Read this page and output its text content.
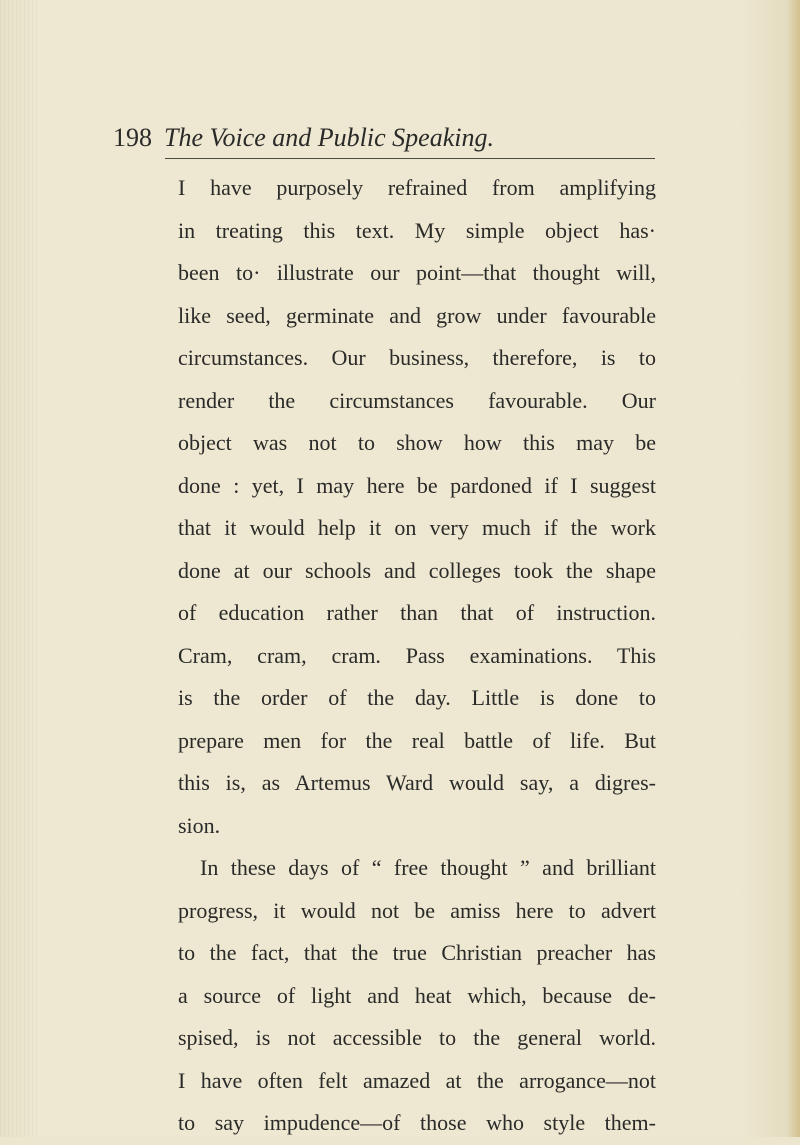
198 The Voice and Public Speaking.
I have purposely refrained from amplifying
in treating this text. My simple object has·
been to· illustrate our point—that thought will,
like seed, germinate and grow under favourable
circumstances. Our business, therefore, is to
render the circumstances favourable. Our
object was not to show how this may be
done : yet, I may here be pardoned if I suggest
that it would help it on very much if the work
done at our schools and colleges took the shape
of education rather than that of instruction.
Cram, cram, cram. Pass examinations. This
is the order of the day. Little is done to
prepare men for the real battle of life. But
this is, as Artemus Ward would say, a digres-
sion.
In these days of “ free thought ” and brilliant
progress, it would not be amiss here to advert
to the fact, that the true Christian preacher has
a source of light and heat which, because de-
spised, is not accessible to the general world.
I have often felt amazed at the arrogance—not
to say impudence—of those who style them-
